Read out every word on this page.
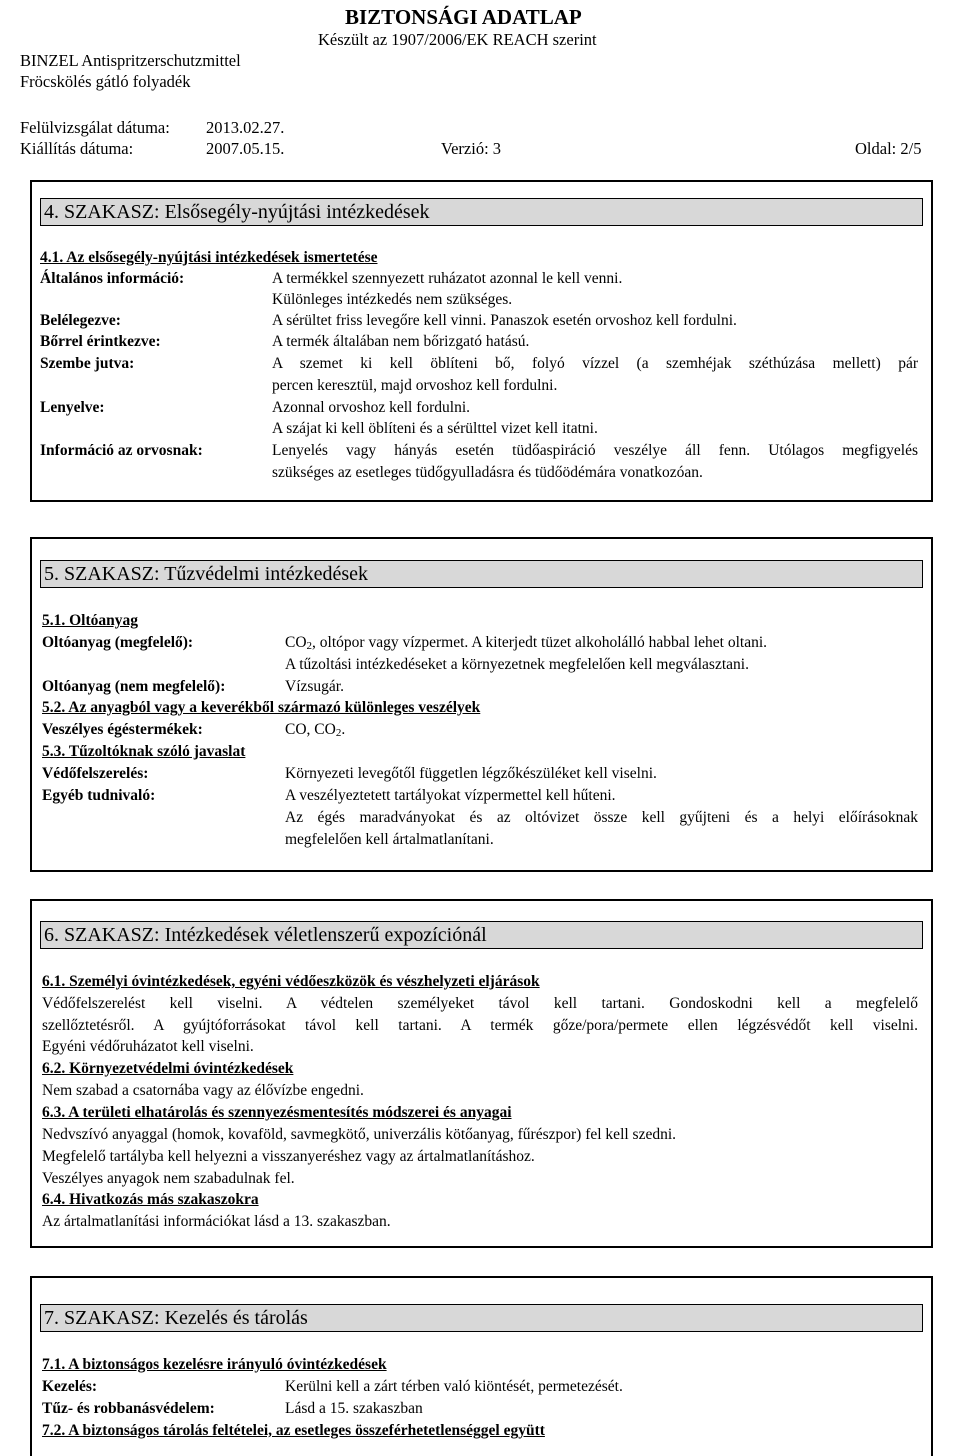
BIZTONSÁGI ADATLAP
Készült az 1907/2006/EK REACH szerint
BINZEL Antispritzerschutzmittel
Fröcskölés gátló folyadék
Felülvizsgálat dátuma: 2013.02.27.
Kiállítás dátuma:	2007.05.15.	Verzió: 3	Oldal: 2/5
4. SZAKASZ: Elsősegély-nyújtási intézkedések
4.1. Az elsősegély-nyújtási intézkedések ismertetése
Általános információ:	A termékkel szennyezett ruházatot azonnal le kell venni.
Különleges intézkedés nem szükséges.
Belélegezve:	A sérültet friss levegőre kell vinni. Panaszok esetén orvoshoz kell fordulni.
Bőrrel érintkezve:	A termék általában nem bőrizgató hatású.
Szembe jutva:	A szemet ki kell öblíteni bő, folyó vízzel (a szemhéjak széthúzása mellett) pár
percen keresztül, majd orvoshoz kell fordulni.
Lenyelve:	Azonnal orvoshoz kell fordulni.
A szájat ki kell öblíteni és a sérülttel vizet kell itatni.
Információ az orvosnak:	Lenyelés vagy hányás esetén tüdőaspiráció veszélye áll fenn. Utólagos megfigyelés
szükséges az esetleges tüdőgyulladásra és tüdőödémára vonatkozóan.
5. SZAKASZ: Tűzvédelmi intézkedések
5.1. Oltóanyag
Oltóanyag (megfelelő):	$CO_2$, oltópor vagy vízpermet. A kiterjedt tüzet alkoholálló habbal lehet oltani.
A tűzoltási intézkedéseket a környezetnek megfelelően kell megválasztani.
Oltóanyag (nem megfelelő):	Vízsugár.
5.2. Az anyagból vagy a keverékből származó különleges veszélyek
Veszélyes égéstermékek:	CO, $CO_2$.
5.3. Tűzoltóknak szóló javaslat
Védőfelszerelés:	Környezeti levegőtől független légzőkészüléket kell viselni.
Egyéb tudnivaló:	A veszélyeztetett tartályokat vízpermettel kell hűteni.
Az égés maradványokat és az oltóvizet össze kell gyűjteni és a helyi előírásoknak
megfelelően kell ártalmatlanítani.
6. SZAKASZ: Intézkedések véletlenszerű expozíciónál
6.1. Személyi óvintézkedések, egyéni védőeszközök és vészhelyzeti eljárások
Védőfelszerelést kell viselni. A védtelen személyeket távol kell tartani. Gondoskodni kell a megfelelő
szellőztetésről. A gyújtóforrásokat távol kell tartani. A termék gőze/pora/permete ellen légzésvédőt kell viselni.
Egyéni védőruházatot kell viselni.
6.2. Környezetvédelmi óvintézkedések
Nem szabad a csatornába vagy az élővízbe engedni.
6.3. A területi elhatárolás és szennyezésmentesítés módszerei és anyagai
Nedvszívó anyaggal (homok, kovaföld, savmegkötő, univerzális kötőanyag, fűrészpor) fel kell szedni.
Megfelelő tartályba kell helyezni a visszanyeréshez vagy az ártalmatlanításhoz.
Veszélyes anyagok nem szabadulnak fel.
6.4. Hivatkozás más szakaszokra
Az ártalmatlanítási információkat lásd a 13. szakaszban.
7. SZAKASZ: Kezelés és tárolás
7.1. A biztonságos kezelésre irányuló óvintézkedések
Kezelés:	Kerülni kell a zárt térben való kiöntését, permetezését.
Tűz- és robbanásvédelem:	Lásd a 15. szakaszban
7.2. A biztonságos tárolás feltételei, az esetleges összeférhetetlenséggel együtt
